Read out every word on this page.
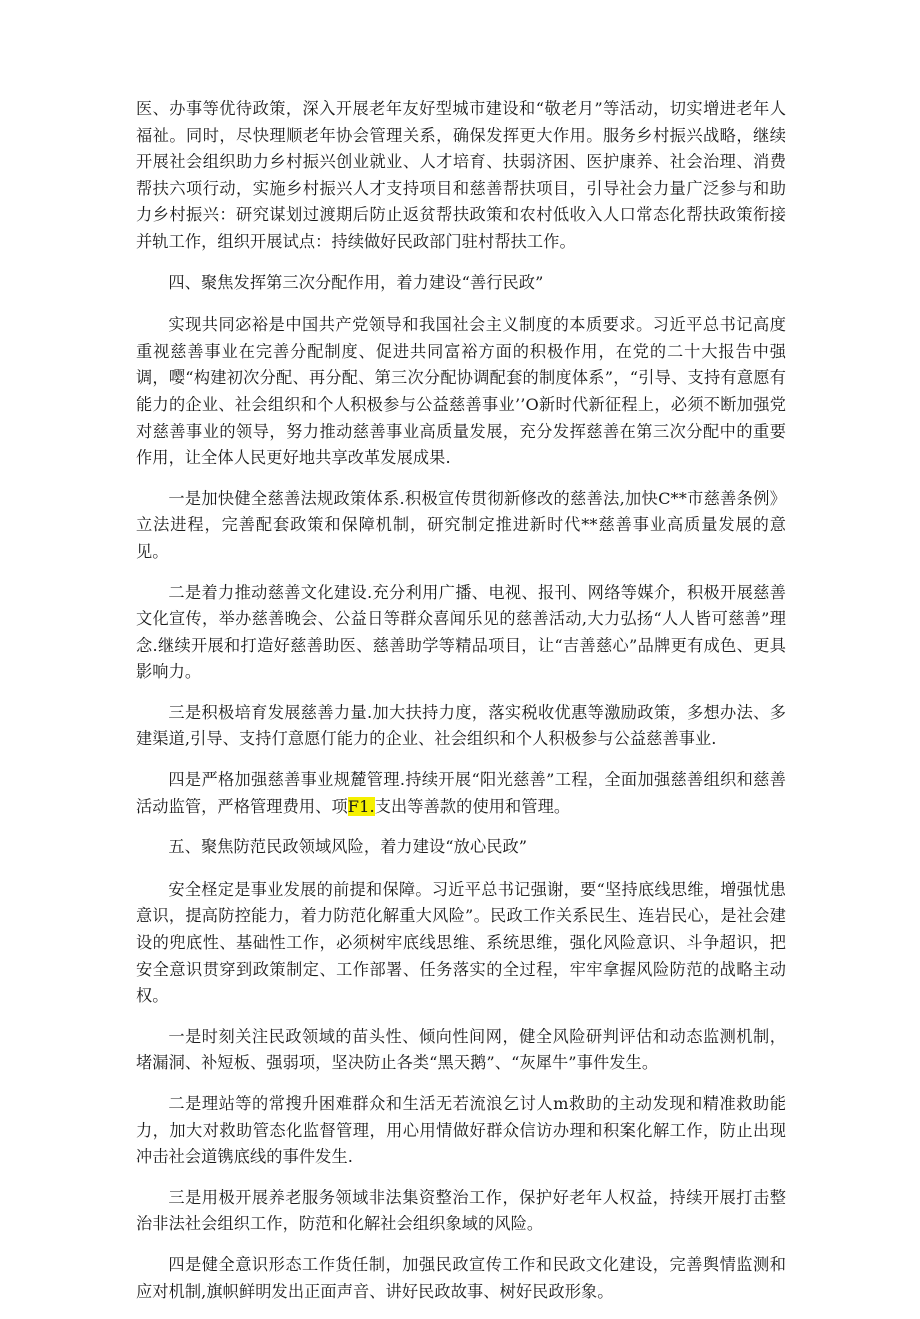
医、办事等优待政策，深入开展老年友好型城市建设和“敬老月”等活动，切实增进老年人福祉。同时，尽快理顺老年协会管理关系，确保发挥更大作用。服务乡村振兴战略，继续开展社会组织助力乡村振兴创业就业、人才培育、扶弱济困、医护康养、社会治理、消费帮扶六项行动，实施乡村振兴人才支持项目和慈善帮扶项目，引导社会力量广泛参与和助力乡村振兴：研究谋划过渡期后防止返贫帮扶政策和农村低收入人口常态化帮扶政策衔接并轨工作，组织开展试点：持续做好民政部门驻村帮扶工作。

四、聚焦发挥第三次分配作用，着力建设“善行民政”

实现共同宓裕是中国共产党领导和我国社会主义制度的本质要求。习近平总书记高度重视慈善事业在完善分配制度、促进共同富裕方面的积极作用，在党的二十大报告中强调，嘤“构建初次分配、再分配、第三次分配协调配套的制度体系”，“引导、支持有意愿有能力的企业、社会组织和个人积极参与公益慈善事业’’O新时代新征程上，必须不断加强党对慈善事业的领导，努力推动慈善事业高质量发展，充分发挥慈善在第三次分配中的重要作用，让全体人民更好地共享改革发展成果.

一是加快健全慈善法规政策体系.积极宣传贯彻新修改的慈善法,加快C**市慈善条例》立法进程，完善配套政策和保障机制，研究制定推进新时代**慈善事业高质量发展的意见。

二是着力推动慈善文化建设.充分利用广播、电视、报刊、网络等媒介，积极开展慈善文化宣传，举办慈善晚会、公益日等群众喜闻乐见的慈善活动,大力弘扬“人人皆可慈善”理念.继续开展和打造好慈善助医、慈善助学等精品项目，让“吉善慈心”品牌更有成色、更具影响力。

三是积极培育发展慈善力量.加大扶持力度，落实税收优惠等激励政策，多想办法、多建渠道,引导、支持仃意愿仃能力的企业、社会组织和个人积极参与公益慈善事业.

四是严格加强慈善事业规麓管理.持续开展“阳光慈善”工程，全面加强慈善组织和慈善活动监管，严格管理费用、项F1.支出等善款的使用和管理。

五、聚焦防范民政领域风险，着力建设“放心民政”

安全柽定是事业发展的前提和保障。习近平总书记强谢，要“坚持底线思维，增强忧患意识，提高防控能力，着力防范化解重大风险”。民政工作关系民生、连岩民心，是社会建设的兜底性、基础性工作，必须树牢底线思维、系统思维，强化风险意识、斗争超识，把安全意识贯穿到政策制定、工作部署、任务落实的全过程，牢牢拿握风险防范的战略主动权。

一是时刻关注民政领域的苗头性、倾向性间网，健全风险研判评估和动态监测机制，堵漏洞、补短板、强弱项，坚决防止各类“黑天鹅”、“灰犀牛”事件发生。

二是理站等的常搜升困难群众和生活无若流浪乞讨人m救助的主动发现和精准救助能力，加大对救助管态化监督管理，用心用情做好群众信访办理和积案化解工作，防止出现冲击社会道镌底线的事件发生.

三是用极开展养老服务领域非法集资整治工作，保护好老年人权益，持续开展打击整治非法社会组织工作，防范和化解社会组织象域的风险。

四是健全意识形态工作货任制，加强民政宣传工作和民政文化建设，完善舆情监测和应对机制,旗帜鲜明发出正面声音、讲好民政故事、树好民政形象。
